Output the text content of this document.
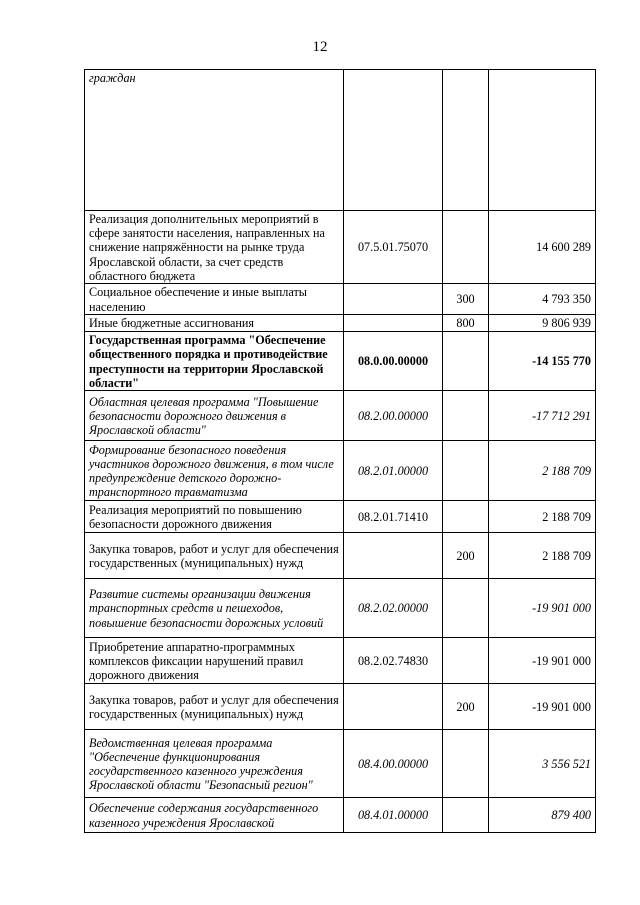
12
граждан			
Реализация дополнительных мероприятий в сфере занятости населения, направленных на снижение напряжённости на рынке труда Ярославской области, за счет средств областного бюджета	07.5.01.75070		14 600 289
Социальное обеспечение и иные выплаты населению		300	4 793 350
Иные бюджетные ассигнования		800	9 806 939
Государственная программа "Обеспечение общественного порядка и противодействие преступности на территории Ярославской области"	08.0.00.00000		-14 155 770
Областная целевая программа "Повышение безопасности дорожного движения в Ярославской области"	08.2.00.00000		-17 712 291
Формирование безопасного поведения участников дорожного движения, в том числе предупреждение детского дорожно-транспортного травматизма	08.2.01.00000		2 188 709
Реализация мероприятий по повышению безопасности дорожного движения	08.2.01.71410		2 188 709
Закупка товаров, работ и услуг для обеспечения государственных (муниципальных) нужд		200	2 188 709
Развитие системы организации движения транспортных средств и пешеходов, повышение безопасности дорожных условий	08.2.02.00000		-19 901 000
Приобретение аппаратно-программных комплексов фиксации нарушений правил дорожного движения	08.2.02.74830		-19 901 000
Закупка товаров, работ и услуг для обеспечения государственных (муниципальных) нужд		200	-19 901 000
Ведомственная целевая программа "Обеспечение функционирования государственного казенного учреждения Ярославской области "Безопасный регион"	08.4.00.00000		3 556 521
Обеспечение содержания государственного казенного учреждения Ярославской	08.4.01.00000		879 400
